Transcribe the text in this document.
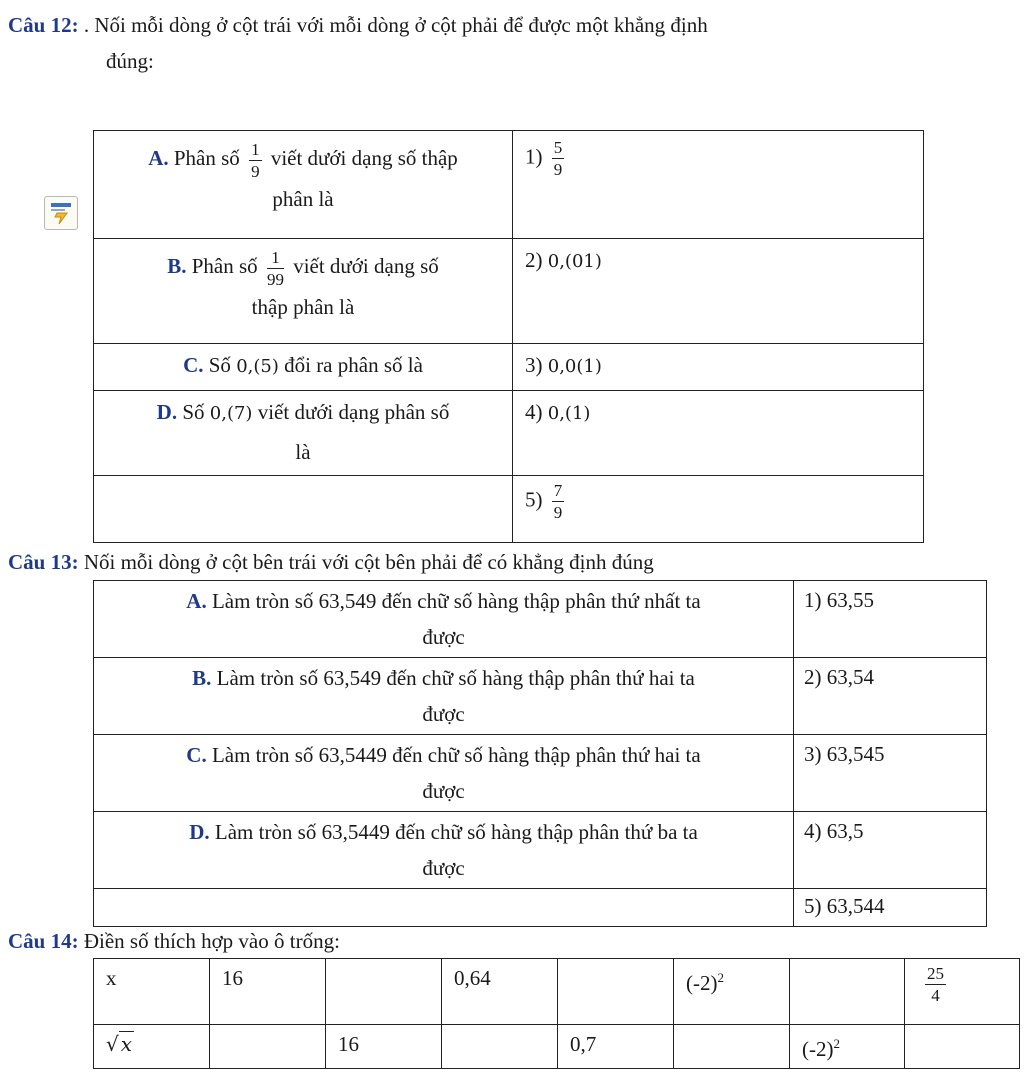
Câu 12: . Nối mỗi dòng ở cột trái với mỗi dòng ở cột phải để được một khẳng định
đúng:
A. Phân số $\frac{1}{9}$ viết dưới dạng số thập
phân là	$1) \frac{5}{9}$

B. Phân số $\frac{1}{99}$ viết dưới dạng số
thập phân là	2) 0,(01)
C. Số 0,(5) đổi ra phân số là	3) 0,0(1)
D. Số 0,(7) viết dưới dạng phân số
là	4) 0,(1)
	$5) \frac{7}{9}$
Câu 13: Nối mỗi dòng ở cột bên trái với cột bên phải để có khẳng định đúng
A. Làm tròn số 63,549 đến chữ số hàng thập phân thứ nhất ta
được	1) 63,55
B. Làm tròn số 63,549 đến chữ số hàng thập phân thứ hai ta
được	2) 63,54
C. Làm tròn số 63,5449 đến chữ số hàng thập phân thứ hai ta
được	3) 63,545
D. Làm tròn số 63,5449 đến chữ số hàng thập phân thứ ba ta
được	4) 63,5
	5) 63,544
Câu 14: Điền số thích hợp vào ô trống:
x	16		0,64		$(-2)^2$		$\frac{25}{4}$

√ x		16		0,7		$(-2)^2$	
